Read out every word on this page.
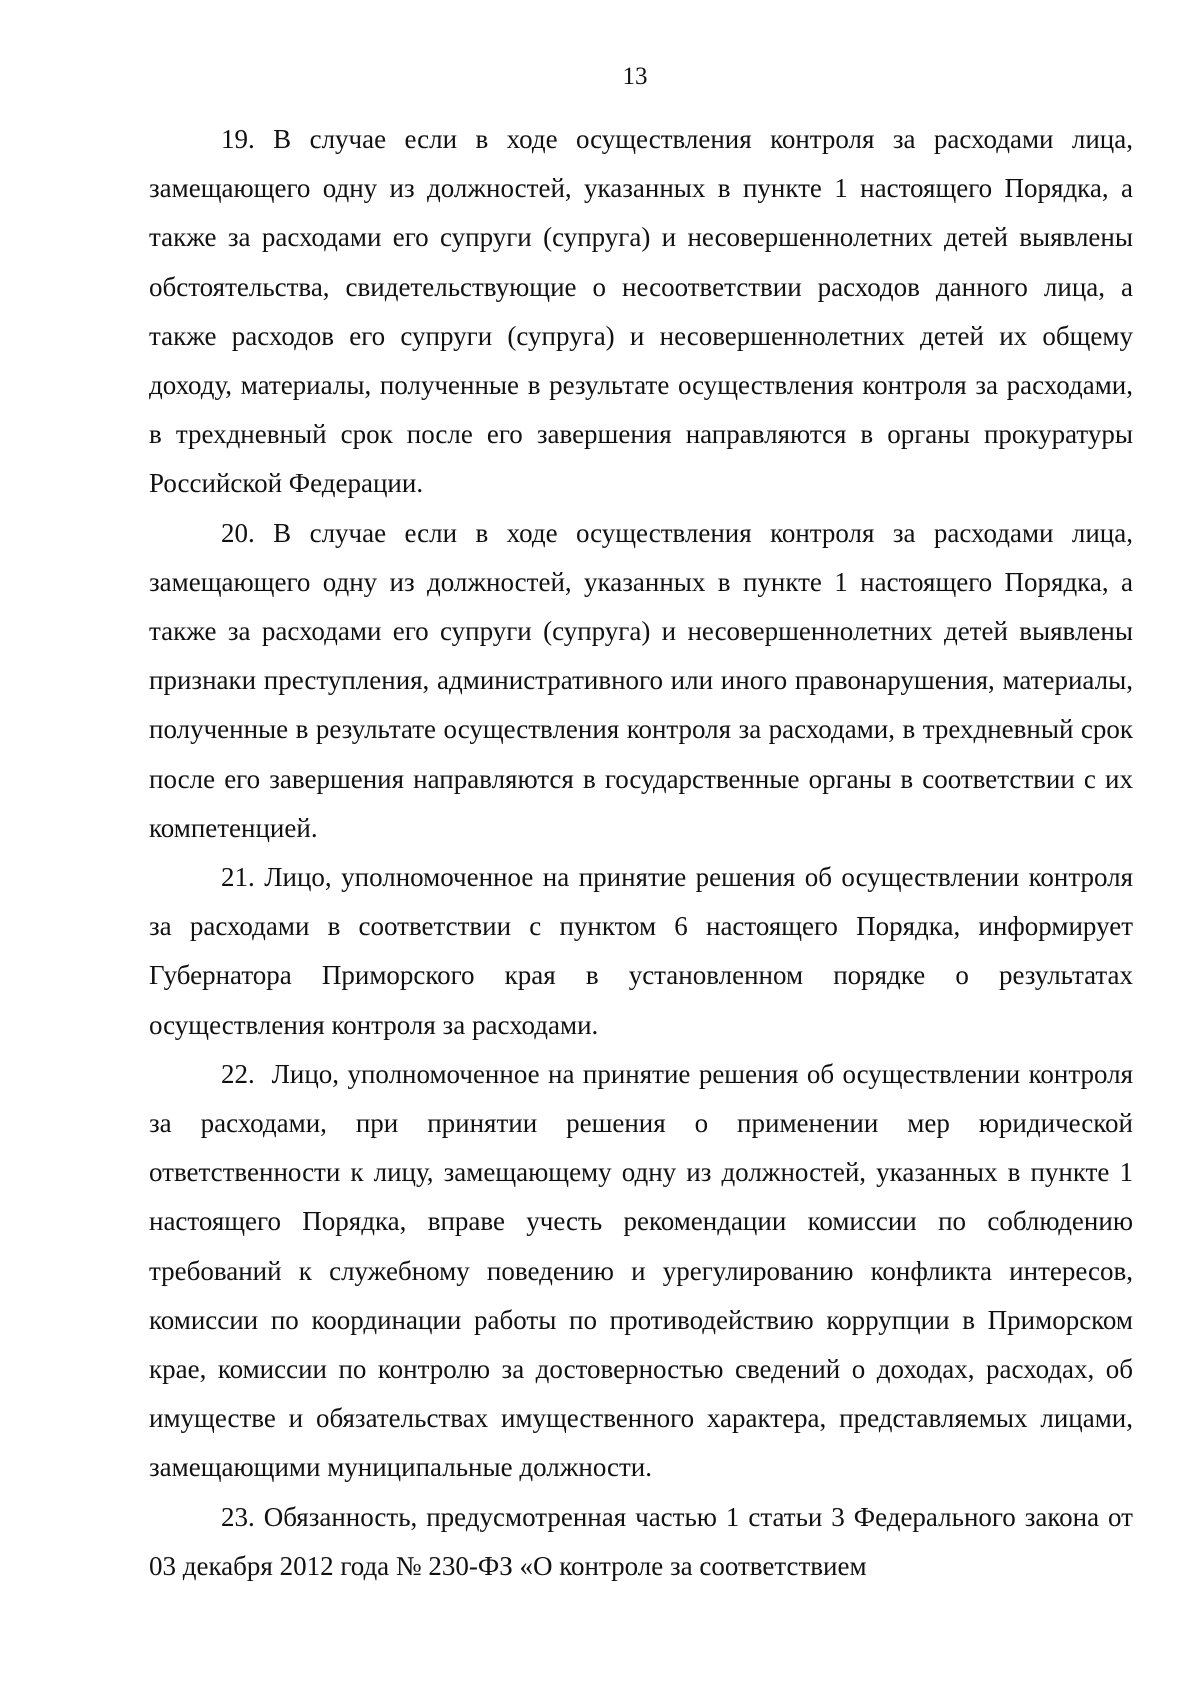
13

19. В случае если в ходе осуществления контроля за расходами лица, замещающего одну из должностей, указанных в пункте 1 настоящего Порядка, а также за расходами его супруги (супруга) и несовершеннолетних детей выявлены обстоятельства, свидетельствующие о несоответствии расходов данного лица, а также расходов его супруги (супруга) и несовершеннолетних детей их общему доходу, материалы, полученные в результате осуществления контроля за расходами, в трехдневный срок после его завершения направляются в органы прокуратуры Российской Федерации.

20. В случае если в ходе осуществления контроля за расходами лица, замещающего одну из должностей, указанных в пункте 1 настоящего Порядка, а также за расходами его супруги (супруга) и несовершеннолетних детей выявлены признаки преступления, административного или иного правонарушения, материалы, полученные в результате осуществления контроля за расходами, в трехдневный срок после его завершения направляются в государственные органы в соответствии с их компетенцией.

21. Лицо, уполномоченное на принятие решения об осуществлении контроля за расходами в соответствии с пунктом 6 настоящего Порядка, информирует Губернатора Приморского края в установленном порядке о результатах осуществления контроля за расходами.

22.  Лицо, уполномоченное на принятие решения об осуществлении контроля за расходами, при принятии решения о применении мер юридической ответственности к лицу, замещающему одну из должностей, указанных в пункте 1 настоящего Порядка, вправе учесть рекомендации комиссии по соблюдению требований к служебному поведению и урегулированию конфликта интересов, комиссии по координации работы по противодействию коррупции в Приморском крае, комиссии по контролю за достоверностью сведений о доходах, расходах, об имуществе и обязательствах имущественного характера, представляемых лицами, замещающими муниципальные должности.

23. Обязанность, предусмотренная частью 1 статьи 3 Федерального закона от 03 декабря 2012 года № 230-ФЗ «О контроле за соответствием
